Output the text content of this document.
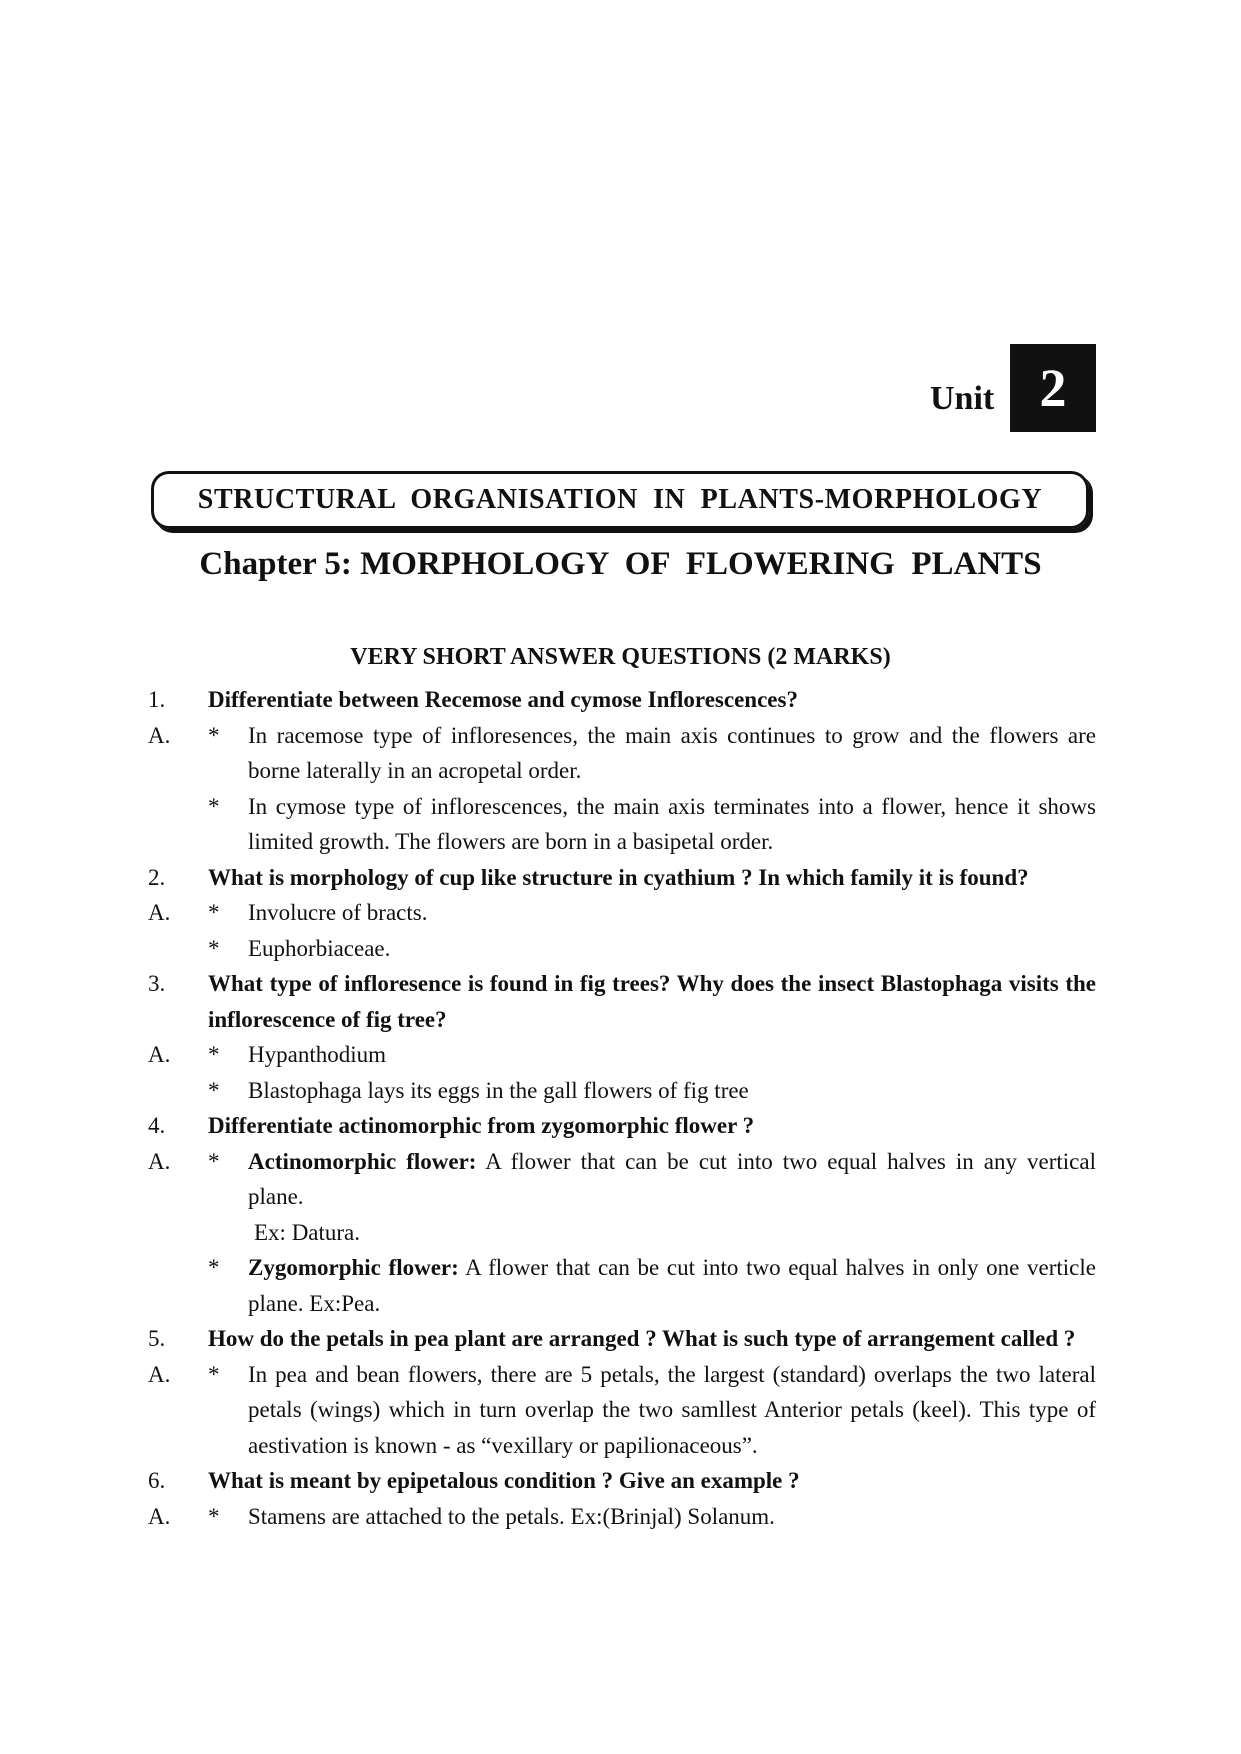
Unit 2
STRUCTURAL  ORGANISATION  IN  PLANTS-MORPHOLOGY
Chapter 5: MORPHOLOGY  OF  FLOWERING  PLANTS
VERY SHORT ANSWER QUESTIONS (2 MARKS)
1. Differentiate between Recemose and cymose Inflorescences?
A. * In racemose type of infloresences, the main axis continues to grow and the flowers are borne laterally in an acropetal order.
* In cymose type of inflorescences, the main axis terminates into a flower, hence it shows limited growth. The flowers are born in a basipetal order.
2. What is morphology of cup like structure in cyathium ? In which family it is found?
A. * Involucre of bracts.
* Euphorbiaceae.
3. What type of infloresence is found in fig trees? Why does the insect Blastophaga visits the inflorescence of fig tree?
A. * Hypanthodium
* Blastophaga lays its eggs in the gall flowers of fig tree
4. Differentiate actinomorphic from zygomorphic flower ?
A. * Actinomorphic flower: A flower that can be cut into two equal halves in any vertical plane.
Ex: Datura.
* Zygomorphic flower: A flower that can be cut into two equal halves in only one verticle plane. Ex:Pea.
5. How do the petals in pea plant are arranged ? What is such type of arrangement called ?
A. * In pea and bean flowers, there are 5 petals, the largest (standard) overlaps the two lateral petals (wings) which in turn overlap the two samllest Anterior petals (keel). This type of aestivation is known - as “vexillary or papilionaceous”.
6. What is meant by epipetalous condition ? Give an example ?
A. * Stamens are attached to the petals. Ex:(Brinjal) Solanum.
